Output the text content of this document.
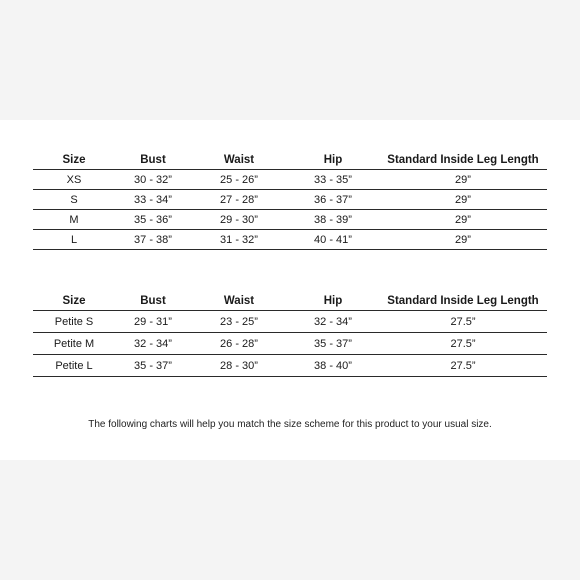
Size	Bust	Waist	Hip	Standard Inside Leg Length
XS	30 - 32”	25 - 26”	33 - 35”	29”
S	33 - 34”	27 - 28”	36 - 37”	29”
M	35 - 36”	29 - 30”	38 - 39”	29”
L	37 - 38”	31 - 32”	40 - 41”	29”
Size	Bust	Waist	Hip	Standard Inside Leg Length
Petite S	29 - 31”	23 - 25”	32 - 34”	27.5”
Petite M	32 - 34”	26 - 28”	35 - 37”	27.5”
Petite L	35 - 37”	28 - 30”	38 - 40”	27.5”
The following charts will help you match the size scheme for this product to your usual size.
